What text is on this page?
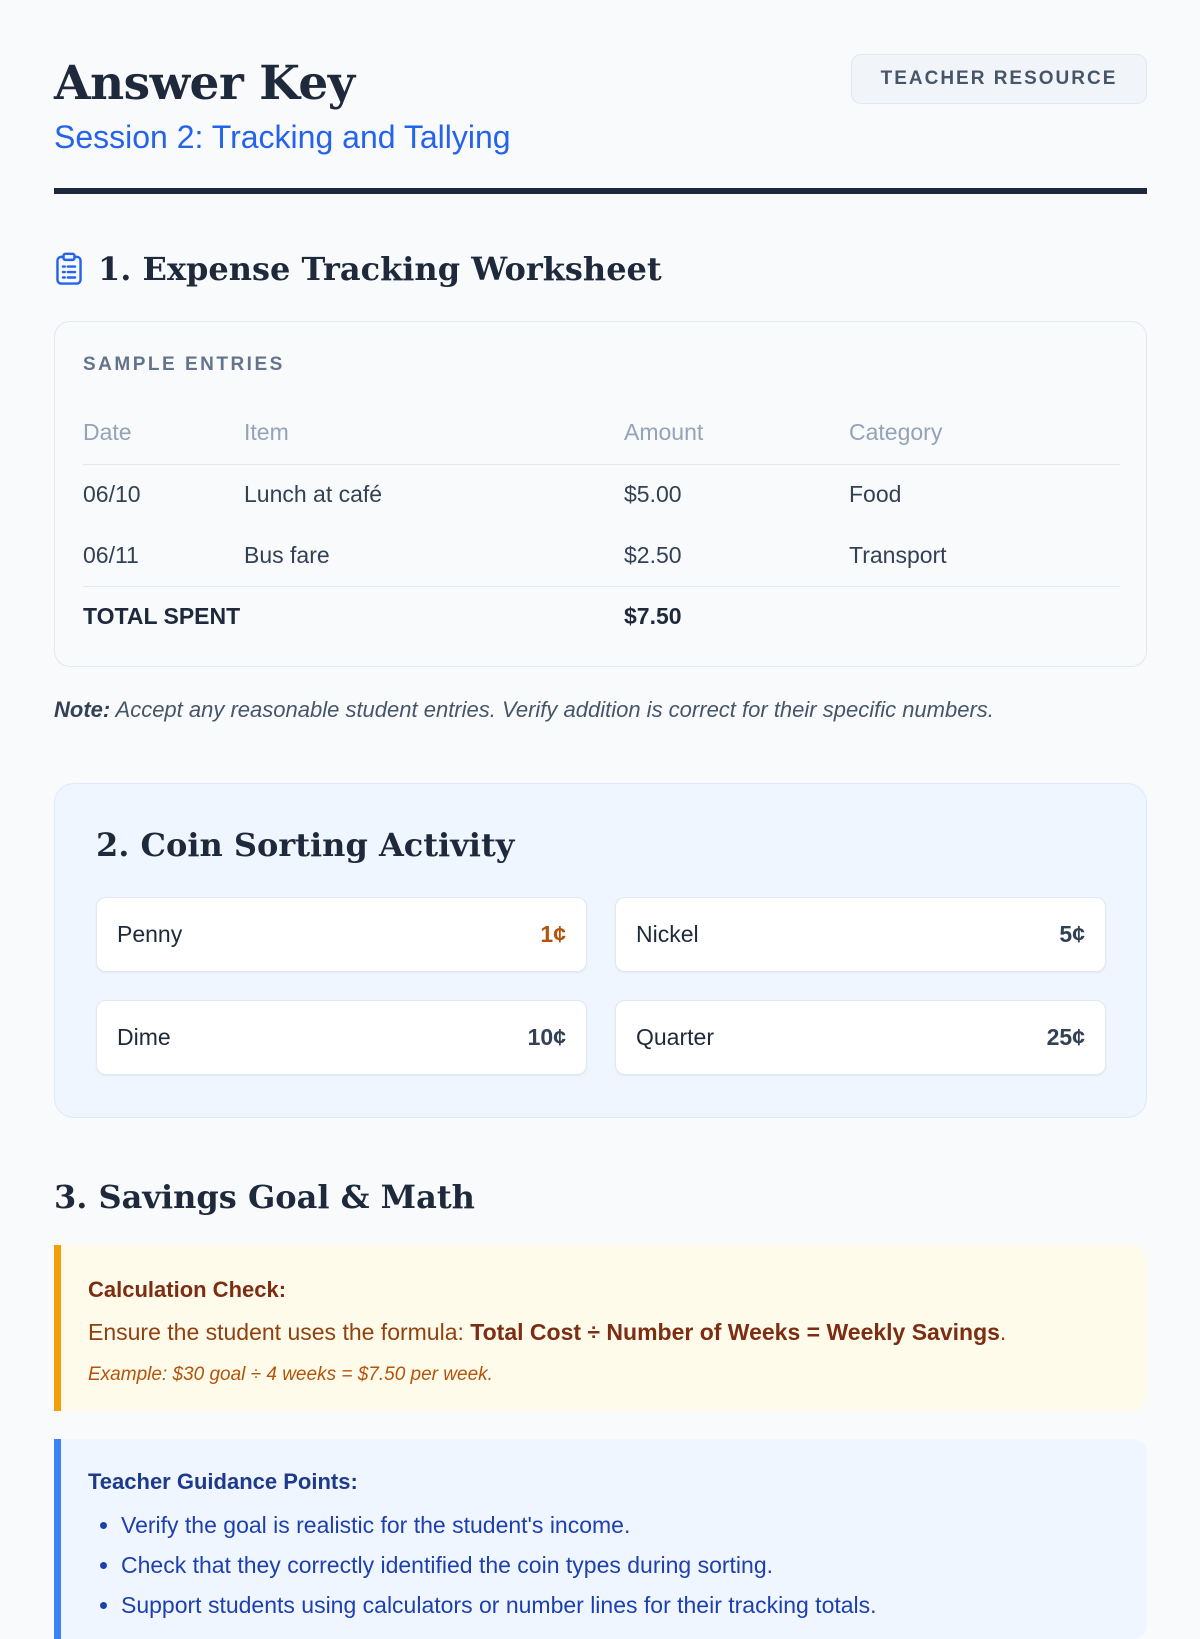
Answer Key
Session 2: Tracking and Tallying
TEACHER RESOURCE
1. Expense Tracking Worksheet
SAMPLE ENTRIES
Date	Item	Amount	Category
06/10	Lunch at café	$5.00	Food
06/11	Bus fare	$2.50	Transport
TOTAL SPENT		$7.50	
Note: Accept any reasonable student entries. Verify addition is correct for their specific numbers.
2. Coin Sorting Activity
Penny	1¢	Nickel	5¢
Dime	10¢	Quarter	25¢
3. Savings Goal & Math
Calculation Check:
Ensure the student uses the formula: Total Cost ÷ Number of Weeks = Weekly Savings.
Example: $30 goal ÷ 4 weeks = $7.50 per week.
Teacher Guidance Points:
• Verify the goal is realistic for the student's income.
• Check that they correctly identified the coin types during sorting.
• Support students using calculators or number lines for their tracking totals.
